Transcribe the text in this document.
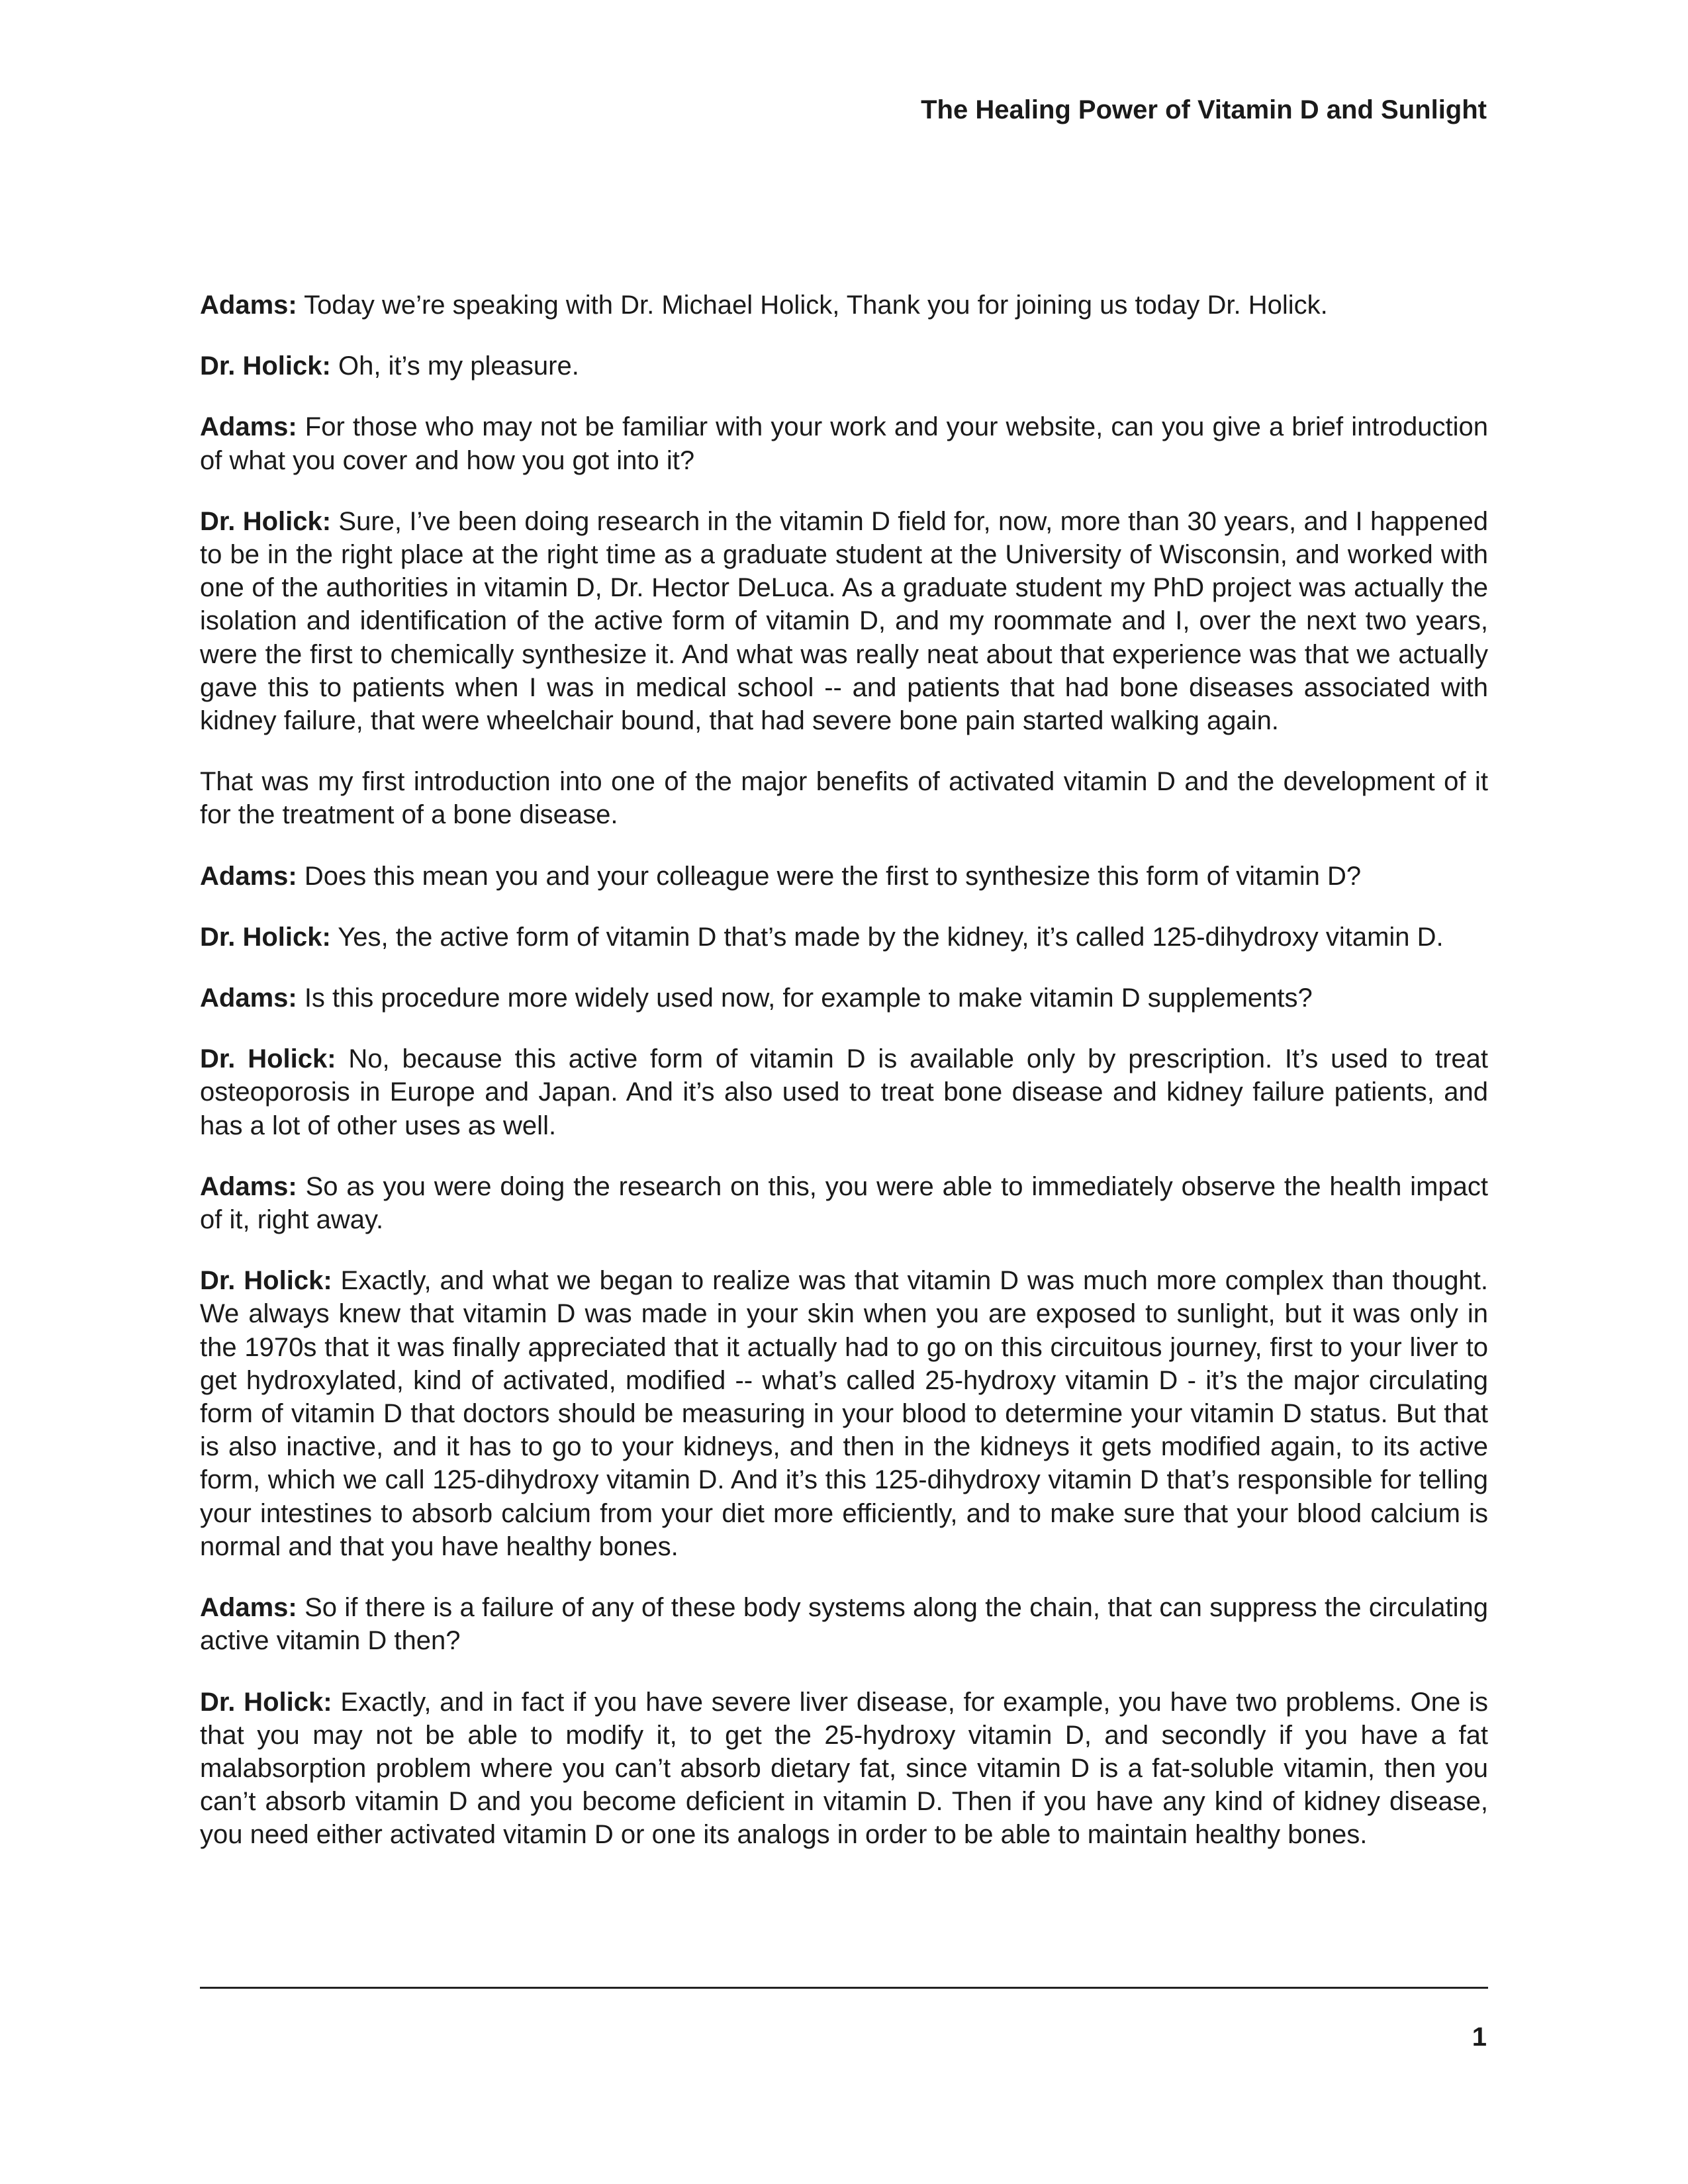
The Healing Power of Vitamin D and Sunlight

Adams: Today we’re speaking with Dr. Michael Holick, Thank you for joining us today Dr. Holick.

Dr. Holick: Oh, it’s my pleasure.

Adams: For those who may not be familiar with your work and your website, can you give a brief introduction of what you cover and how you got into it?

Dr. Holick: Sure, I’ve been doing research in the vitamin D field for, now, more than 30 years, and I happened to be in the right place at the right time as a graduate student at the University of Wisconsin, and worked with one of the authorities in vitamin D, Dr. Hector DeLuca. As a graduate student my PhD project was actually the isolation and identification of the active form of vitamin D, and my roommate and I, over the next two years, were the first to chemically synthesize it. And what was really neat about that experience was that we actually gave this to patients when I was in medical school -- and patients that had bone diseases associated with kidney failure, that were wheelchair bound, that had severe bone pain started walking again.

That was my first introduction into one of the major benefits of activated vitamin D and the development of it for the treatment of a bone disease.

Adams: Does this mean you and your colleague were the first to synthesize this form of vitamin D?

Dr. Holick: Yes, the active form of vitamin D that’s made by the kidney, it’s called 125-dihydroxy vitamin D.

Adams: Is this procedure more widely used now, for example to make vitamin D supplements?

Dr. Holick: No, because this active form of vitamin D is available only by prescription. It’s used to treat osteoporosis in Europe and Japan. And it’s also used to treat bone disease and kidney failure patients, and has a lot of other uses as well.

Adams: So as you were doing the research on this, you were able to immediately observe the health impact of it, right away.

Dr. Holick: Exactly, and what we began to realize was that vitamin D was much more complex than thought. We always knew that vitamin D was made in your skin when you are exposed to sunlight, but it was only in the 1970s that it was finally appreciated that it actually had to go on this circuitous journey, first to your liver to get hydroxylated, kind of activated, modified -- what’s called 25-hydroxy vitamin D - it’s the major circulating form of vitamin D that doctors should be measuring in your blood to determine your vitamin D status. But that is also inactive, and it has to go to your kidneys, and then in the kidneys it gets modified again, to its active form, which we call 125-dihydroxy vitamin D. And it’s this 125-dihydroxy vitamin D that’s responsible for telling your intestines to absorb calcium from your diet more efficiently, and to make sure that your blood calcium is normal and that you have healthy bones.

Adams: So if there is a failure of any of these body systems along the chain, that can suppress the circulating active vitamin D then?

Dr. Holick: Exactly, and in fact if you have severe liver disease, for example, you have two problems. One is that you may not be able to modify it, to get the 25-hydroxy vitamin D, and secondly if you have a fat malabsorption problem where you can’t absorb dietary fat, since vitamin D is a fat-soluble vitamin, then you can’t absorb vitamin D and you become deficient in vitamin D. Then if you have any kind of kidney disease, you need either activated vitamin D or one its analogs in order to be able to maintain healthy bones.

1
